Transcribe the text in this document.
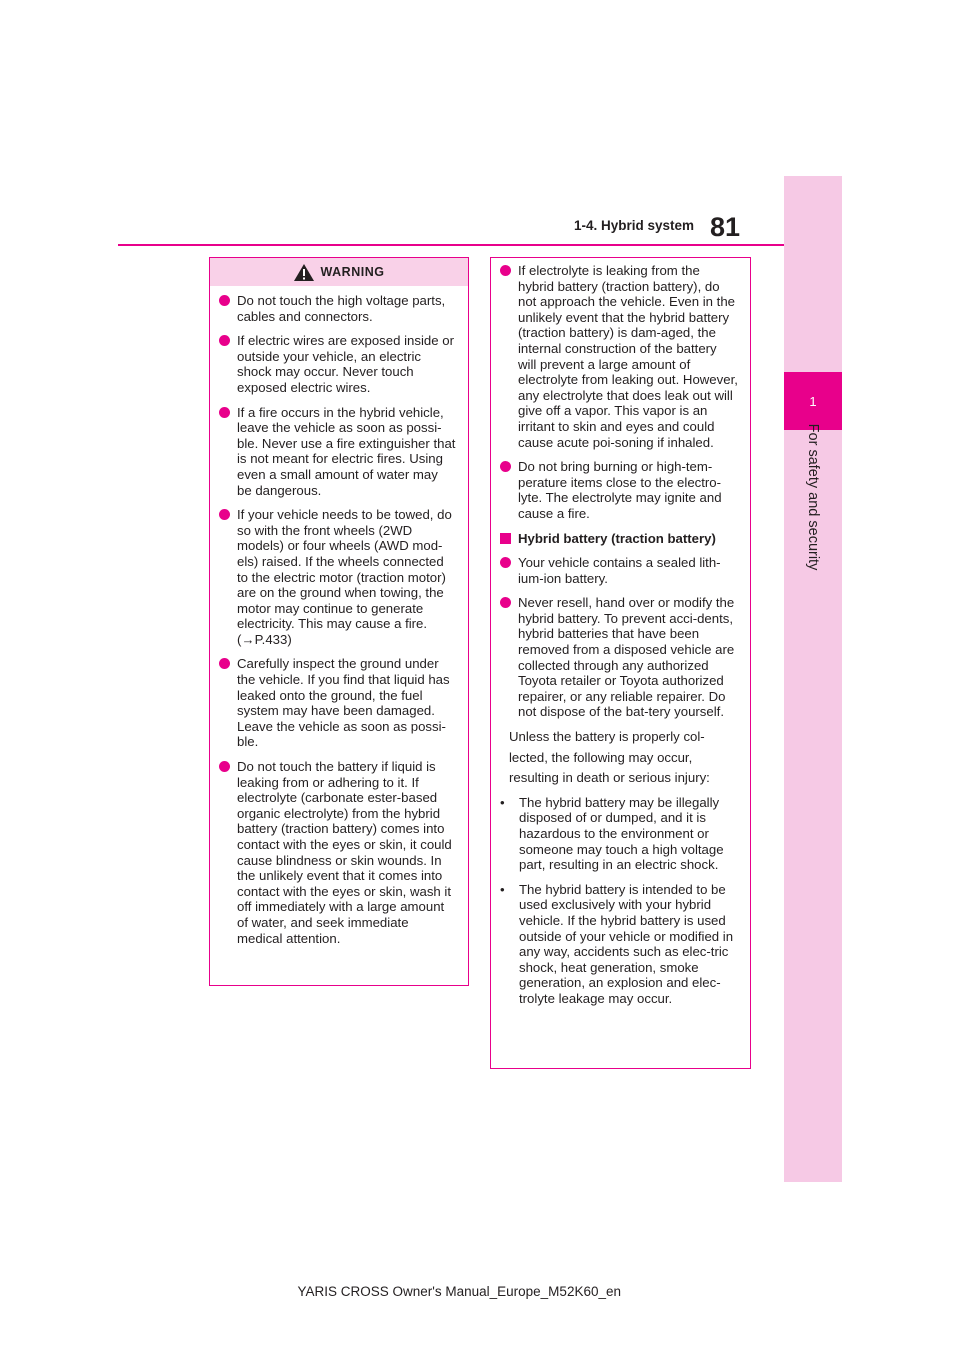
1
For safety and security
1-4. Hybrid system 81
WARNING
Do not touch the high voltage parts, cables and connectors.
If electric wires are exposed inside or outside your vehicle, an electric shock may occur. Never touch exposed electric wires.
If a fire occurs in the hybrid vehicle, leave the vehicle as soon as possi-ble. Never use a fire extinguisher that is not meant for electric fires. Using even a small amount of water may be dangerous.
If your vehicle needs to be towed, do so with the front wheels (2WD models) or four wheels (AWD mod-els) raised. If the wheels connected to the electric motor (traction motor) are on the ground when towing, the motor may continue to generate electricity. This may cause a fire. (→P.433)
Carefully inspect the ground under the vehicle. If you find that liquid has leaked onto the ground, the fuel system may have been damaged. Leave the vehicle as soon as possi-ble.
Do not touch the battery if liquid is leaking from or adhering to it. If electrolyte (carbonate ester-based organic electrolyte) from the hybrid battery (traction battery) comes into contact with the eyes or skin, it could cause blindness or skin wounds. In the unlikely event that it comes into contact with the eyes or skin, wash it off immediately with a large amount of water, and seek immediate medical attention.
If electrolyte is leaking from the hybrid battery (traction battery), do not approach the vehicle. Even in the unlikely event that the hybrid battery (traction battery) is dam-aged, the internal construction of the battery will prevent a large amount of electrolyte from leaking out. However, any electrolyte that does leak out will give off a vapor. This vapor is an irritant to skin and eyes and could cause acute poi-soning if inhaled.
Do not bring burning or high-tem-perature items close to the electro-lyte. The electrolyte may ignite and cause a fire.
Hybrid battery (traction battery)
Your vehicle contains a sealed lith-ium-ion battery.
Never resell, hand over or modify the hybrid battery. To prevent acci-dents, hybrid batteries that have been removed from a disposed vehicle are collected through any authorized Toyota retailer or Toyota authorized repairer, or any reliable repairer. Do not dispose of the bat-tery yourself.
Unless the battery is properly col-
lected, the following may occur,
resulting in death or serious injury:
• The hybrid battery may be illegally disposed of or dumped, and it is hazardous to the environment or someone may touch a high voltage part, resulting in an electric shock.
• The hybrid battery is intended to be used exclusively with your hybrid vehicle. If the hybrid battery is used outside of your vehicle or modified in any way, accidents such as elec-tric shock, heat generation, smoke generation, an explosion and elec-trolyte leakage may occur.
YARIS CROSS Owner's Manual_Europe_M52K60_en
